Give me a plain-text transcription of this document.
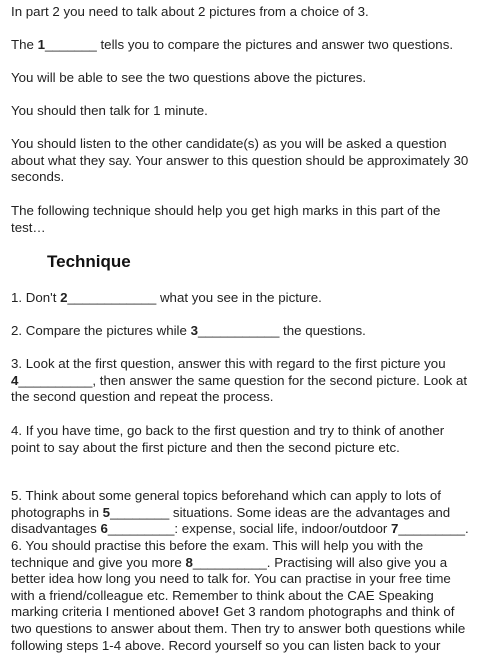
In part 2 you need to talk about 2 pictures from a choice of 3.
The 1_______ tells you to compare the pictures and answer two questions.
You will be able to see the two questions above the pictures.
You should then talk for 1 minute.
You should listen to the other candidate(s) as you will be asked a question
about what they say. Your answer to this question should be approximately 30
seconds.
The following technique should help you get high marks in this part of the
test…
Technique
1. Don't 2____________ what you see in the picture.
2. Compare the pictures while 3___________ the questions.
3. Look at the first question, answer this with regard to the first picture you
4__________, then answer the same question for the second picture. Look at
the second question and repeat the process.
4. If you have time, go back to the first question and try to think of another
point to say about the first picture and then the second picture etc.
5. Think about some general topics beforehand which can apply to lots of
photographs in 5________ situations. Some ideas are the advantages and
disadvantages 6_________: expense, social life, indoor/outdoor 7_________.
6. You should practise this before the exam. This will help you with the
technique and give you more 8__________. Practising will also give you a
better idea how long you need to talk for. You can practise in your free time
with a friend/colleague etc. Remember to think about the CAE Speaking
marking criteria I mentioned above! Get 3 random photographs and think of
two questions to answer about them. Then try to answer both questions while
following steps 1-4 above. Record yourself so you can listen back to your
